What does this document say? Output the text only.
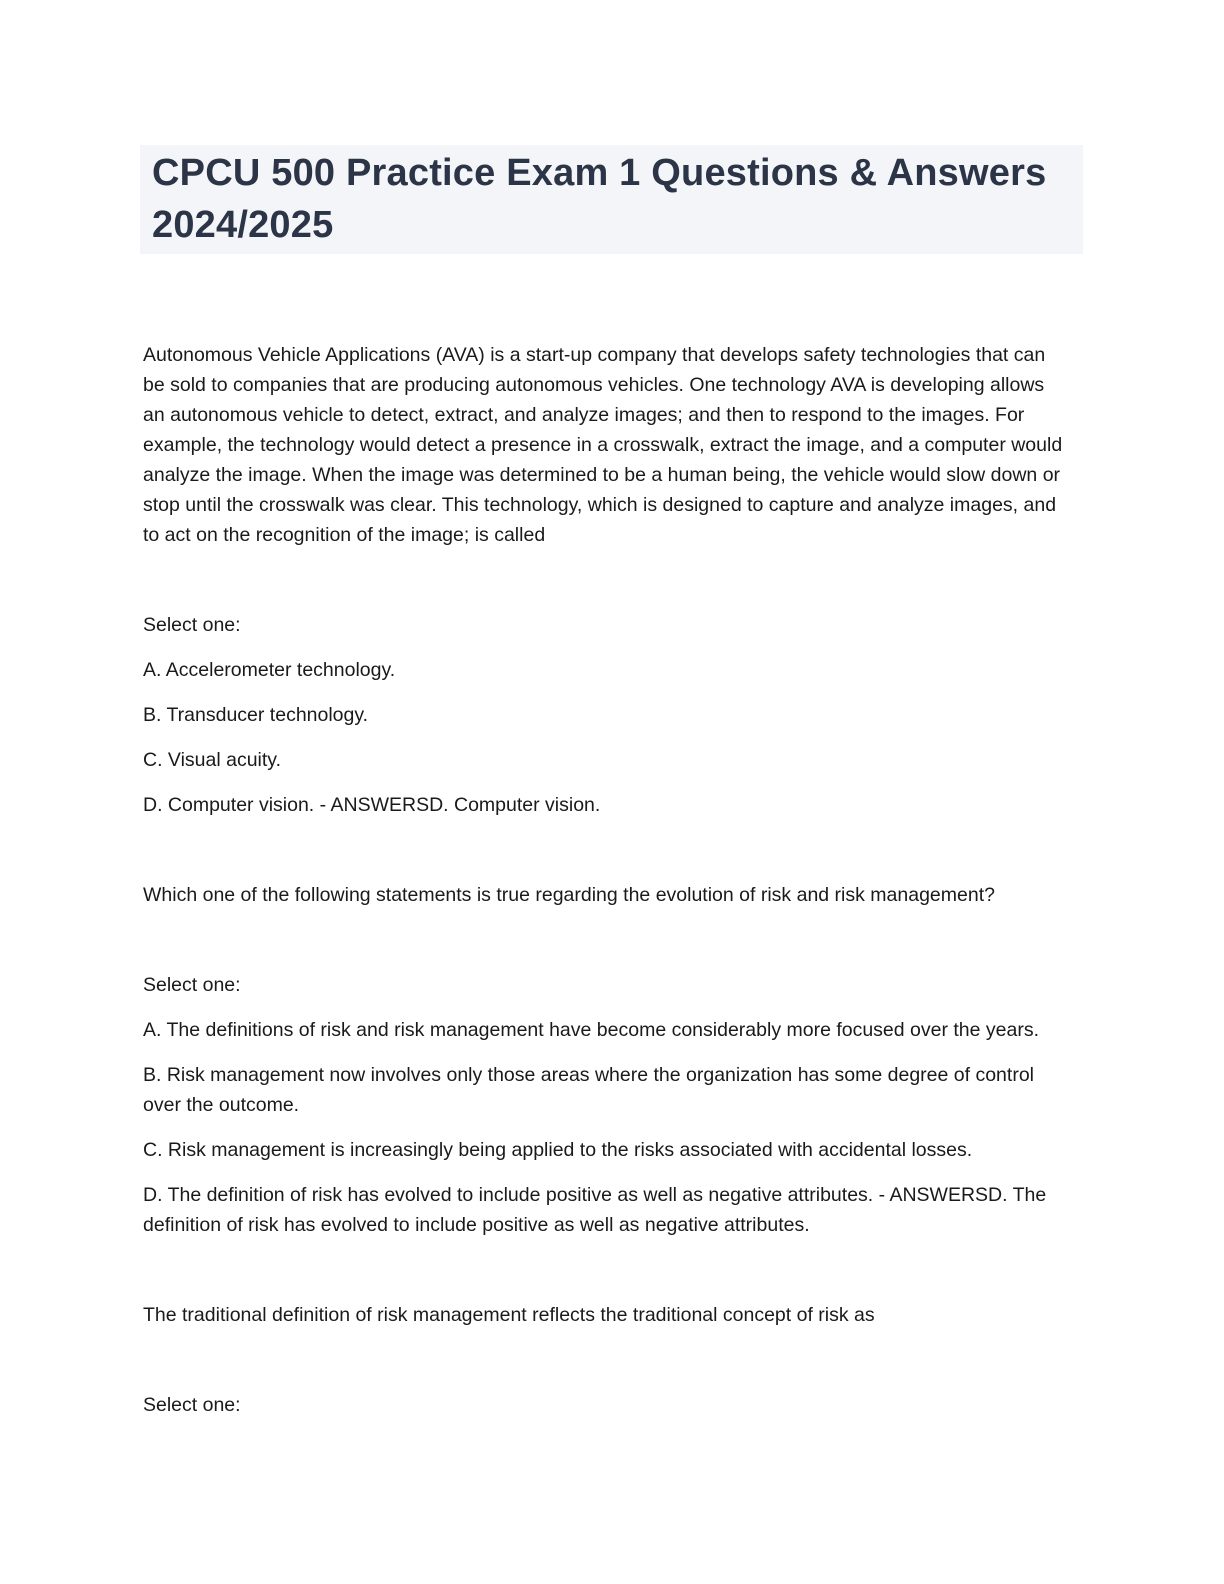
CPCU 500 Practice Exam 1 Questions & Answers 2024/2025

Autonomous Vehicle Applications (AVA) is a start-up company that develops safety technologies that can be sold to companies that are producing autonomous vehicles. One technology AVA is developing allows an autonomous vehicle to detect, extract, and analyze images; and then to respond to the images. For example, the technology would detect a presence in a crosswalk, extract the image, and a computer would analyze the image. When the image was determined to be a human being, the vehicle would slow down or stop until the crosswalk was clear. This technology, which is designed to capture and analyze images, and to act on the recognition of the image; is called

Select one:

A. Accelerometer technology.

B. Transducer technology.

C. Visual acuity.

D. Computer vision. - ANSWERSD. Computer vision.

Which one of the following statements is true regarding the evolution of risk and risk management?

Select one:

A. The definitions of risk and risk management have become considerably more focused over the years.

B. Risk management now involves only those areas where the organization has some degree of control over the outcome.

C. Risk management is increasingly being applied to the risks associated with accidental losses.

D. The definition of risk has evolved to include positive as well as negative attributes. - ANSWERSD. The definition of risk has evolved to include positive as well as negative attributes.

The traditional definition of risk management reflects the traditional concept of risk as

Select one:
